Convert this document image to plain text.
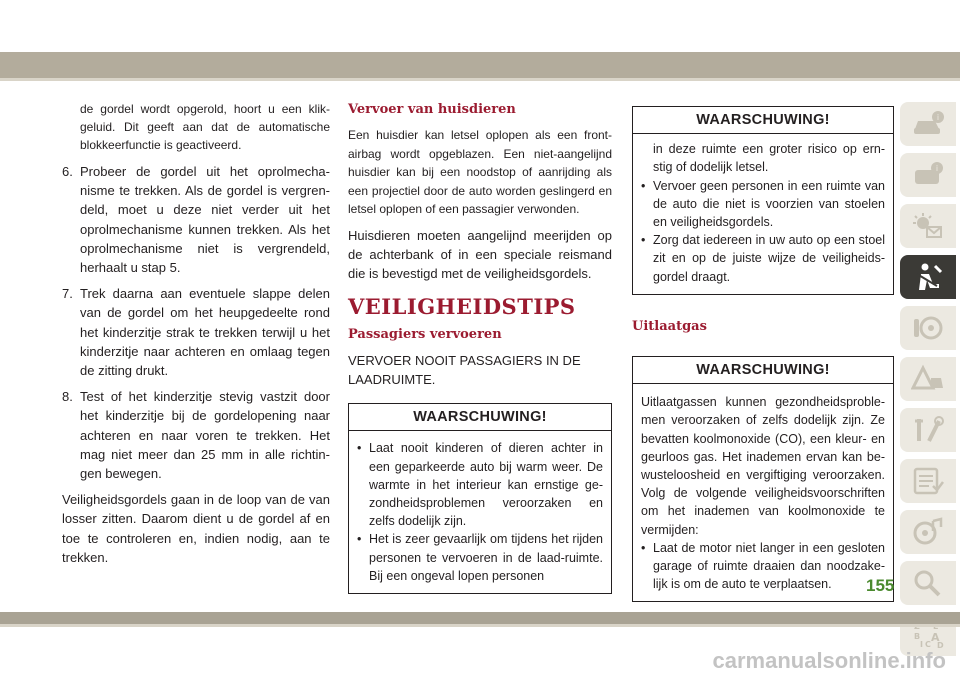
de gordel wordt opgerold, hoort u een klik-geluid. Dit geeft aan dat de automatische blokkeerfunctie is geactiveerd.

6. Probeer de gordel uit het oprolmecha-nisme te trekken. Als de gordel is vergren-deld, moet u deze niet verder uit het oprolmechanisme kunnen trekken. Als het oprolmechanisme niet is vergrendeld, herhaalt u stap 5.
7. Trek daarna aan eventuele slappe delen van de gordel om het heupgedeelte rond het kinderzitje strak te trekken terwijl u het kinderzitje naar achteren en omlaag tegen de zitting drukt.
8. Test of het kinderzitje stevig vastzit door het kinderzitje bij de gordelopening naar achteren en naar voren te trekken. Het mag niet meer dan 25 mm in alle richtin-gen bewegen.

Veiligheidsgordels gaan in de loop van de van losser zitten. Daarom dient u de gordel af en toe te controleren en, indien nodig, aan te trekken.

Vervoer van huisdieren

Een huisdier kan letsel oplopen als een front-airbag wordt opgeblazen. Een niet-aangelijnd huisdier kan bij een noodstop of aanrijding als een projectiel door de auto worden geslingerd en letsel oplopen of een passagier verwonden.

Huisdieren moeten aangelijnd meerijden op de achterbank of in een speciale reismand die is bevestigd met de veiligheidsgordels.

VEILIGHEIDSTIPS
Passagiers vervoeren

VERVOER NOOIT PASSAGIERS IN DE LAADRUIMTE.

WAARSCHUWING!
• Laat nooit kinderen of dieren achter in een geparkeerde auto bij warm weer. De warmte in het interieur kan ernstige ge-zondheidsproblemen veroorzaken en zelfs dodelijk zijn.
• Het is zeer gevaarlijk om tijdens het rijden personen te vervoeren in de laad-ruimte. Bij een ongeval lopen personen
WAARSCHUWING!

in deze ruimte een groter risico op ern-stig of dodelijk letsel.

• Vervoer geen personen in een ruimte van de auto die niet is voorzien van stoelen en veiligheidsgordels.
• Zorg dat iedereen in uw auto op een stoel zit en op de juiste wijze de veiligheids-gordel draagt.
Uitlaatgas
WAARSCHUWING!

Uitlaatgassen kunnen gezondheidsproble-men veroorzaken of zelfs dodelijk zijn. Ze bevatten koolmonoxide (CO), een kleur- en geurloos gas. Het inademen ervan kan be-wusteloosheid en vergiftiging veroorzaken. Volg de volgende veiligheidsvoorschriften om het inademen van koolmonoxide te vermijden:

• Laat de motor niet langer in een gesloten garage of ruimte draaien dan noodzake-lijk is om de auto te verplaatsen.
i
i
B A
I C D
155
carmanualsonline.info
